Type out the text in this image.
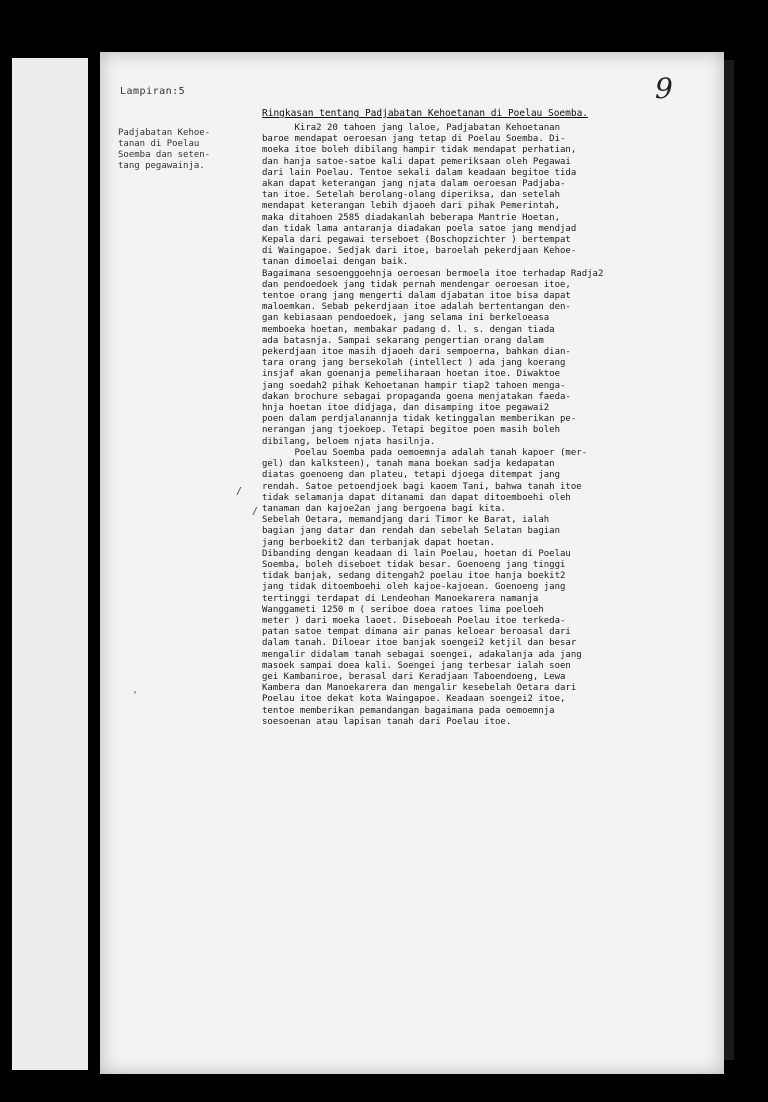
Lampiran:5	9
Padjabatan Kehoe-
tanan di Poelau
Soemba dan seten-
tang pegawainja.
Ringkasan tentang Padjabatan Kehoetanan di Poelau Soemba.
Kira2 20 tahoen jang laloe, Padjabatan Kehoetanan
baroe mendapat oeroesan jang tetap di Poelau Soemba. Di-
moeka itoe boleh dibilang hampir tidak mendapat perhatian,
dan hanja satoe-satoe kali dapat pemeriksaan oleh Pegawai
dari lain Poelau. Tentoe sekali dalam keadaan begitoe tida
akan dapat keterangan jang njata dalam oeroesan Padjaba-
tan itoe. Setelah berolang-olang diperiksa, dan setelah
mendapat keterangan lebih djaoeh dari pihak Pemerintah,
maka ditahoen 2585 diadakanlah beberapa Mantrie Hoetan,
dan tidak lama antaranja diadakan poela satoe jang mendjad
Kepala dari pegawai terseboet (Boschopzichter ) bertempat
di Waingapoe. Sedjak dari itoe, baroelah pekerdjaan Kehoe-
tanan dimoelai dengan baik.
Bagaimana sesoenggoehnja oeroesan bermoela itoe terhadap Radja2
dan pendoedoek jang tidak pernah mendengar oeroesan itoe,
tentoe orang jang mengerti dalam djabatan itoe bisa dapat
maloemkan. Sebab pekerdjaan itoe adalah bertentangan den-
gan kebiasaan pendoedoek, jang selama ini berkeloeasa
memboeka hoetan, membakar padang d. l. s. dengan tiada
ada batasnja. Sampai sekarang pengertian orang dalam
pekerdjaan itoe masih djaoeh dari sempoerna, bahkan dian-
tara orang jang bersekolah (intellect ) ada jang koerang
insjaf akan goenanja pemeliharaan hoetan itoe. Diwaktoe
jang soedah2 pihak Kehoetanan hampir tiap2 tahoen menga-
dakan brochure sebagai propaganda goena menjatakan faeda-
hnja hoetan itoe didjaga, dan disamping itoe pegawai2
poen dalam perdjalanannja tidak ketinggalan memberikan pe-
nerangan jang tjoekoep. Tetapi begitoe poen masih boleh
dibilang, beloem njata hasilnja.
Poelau Soemba pada oemoemnja adalah tanah kapoer (mer-
gel) dan kalksteen), tanah mana boekan sadja kedapatan
diatas goenoeng dan plateu, tetapi djoega ditempat jang
rendah. Satoe petoendjoek bagi kaoem Tani, bahwa tanah itoe
tidak selamanja dapat ditanami dan dapat ditoemboehi oleh
tanaman dan kajoe2an jang bergoena bagi kita.
Sebelah Oetara, memandjang dari Timor ke Barat, ialah
bagian jang datar dan rendah dan sebelah Selatan bagian
jang berboekit2 dan terbanjak dapat hoetan.
Dibanding dengan keadaan di lain Poelau, hoetan di Poelau
Soemba, boleh diseboet tidak besar. Goenoeng jang tinggi
tidak banjak, sedang ditengah2 poelau itoe hanja boekit2
jang tidak ditoemboehi oleh kajoe-kajoean. Goenoeng jang
tertinggi terdapat di Lendeohan Manoekarera namanja
Wanggameti 1250 m ( seriboe doea ratoes lima poeloeh
meter ) dari moeka laoet. Diseboeah Poelau itoe terkeda-
patan satoe tempat dimana air panas keloear beroasal dari
dalam tanah. Diloear itoe banjak soengei2 ketjil dan besar
mengalir didalam tanah sebagai soengei, adakalanja ada jang
masoek sampai doea kali. Soengei jang terbesar ialah soen
gei Kambaniroe, berasal dari Keradjaan Taboendoeng, Lewa
Kambera dan Manoekarera dan mengalir kesebelah Oetara dari
Poelau itoe dekat kota Waingapoe. Keadaan soengei2 itoe,
tentoe memberikan pemandangan bagaimana pada oemoemnja
soesoenan atau lapisan tanah dari Poelau itoe.
/
/
'
